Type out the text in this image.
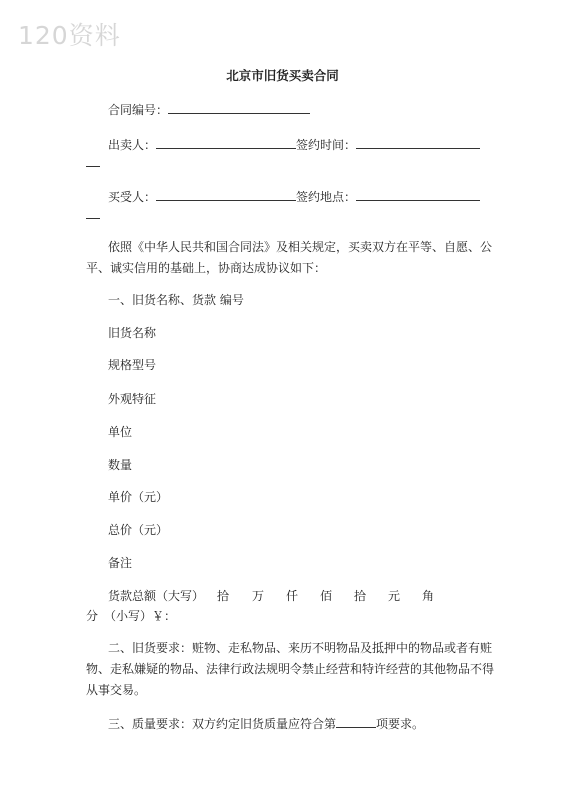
120资料
北京市旧货买卖合同
合同编号：
出卖人：	签约时间：
买受人：	签约地点：
依照《中华人民共和国合同法》及相关规定，买卖双方在平等、自愿、公
平、诚实信用的基础上，协商达成协议如下：
一、旧货名称、货款 编号
旧货名称
规格型号
外观特征
单位
数量
单价（元）
总价（元）
备注
货款总额（大写） 拾 万 仟 佰 拾 元 角
分　（小写）￥：
二、旧货要求：赃物、走私物品、来历不明物品及抵押中的物品或者有赃
物、走私嫌疑的物品、法律行政法规明令禁止经营和特许经营的其他物品不得
从事交易。
三、质量要求：双方约定旧货质量应符合第	项要求。
